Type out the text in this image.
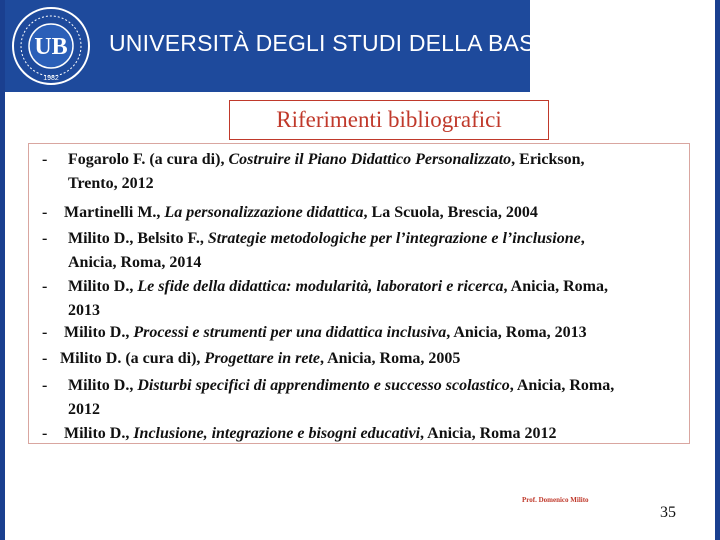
UB
1982
UNIVERSITÀ DEGLI STUDI DELLA BASILICATA
Riferimenti bibliografici
- Fogarolo F. (a cura di), Costruire il Piano Didattico Personalizzato, Erickson,
Trento, 2012
- Martinelli M., La personalizzazione didattica, La Scuola, Brescia, 2004
- Milito D., Belsito F., Strategie metodologiche per l’integrazione e l’inclusione,
Anicia, Roma, 2014
- Milito D., Le sfide della didattica: modularità, laboratori e ricerca, Anicia, Roma,
2013
- Milito D., Processi e strumenti per una didattica inclusiva, Anicia, Roma, 2013
- Milito D. (a cura di), Progettare in rete, Anicia, Roma, 2005
- Milito D., Disturbi specifici di apprendimento e successo scolastico, Anicia, Roma,
2012
- Milito D., Inclusione, integrazione e bisogni educativi, Anicia, Roma 2012
Prof. Domenico Milito
35
